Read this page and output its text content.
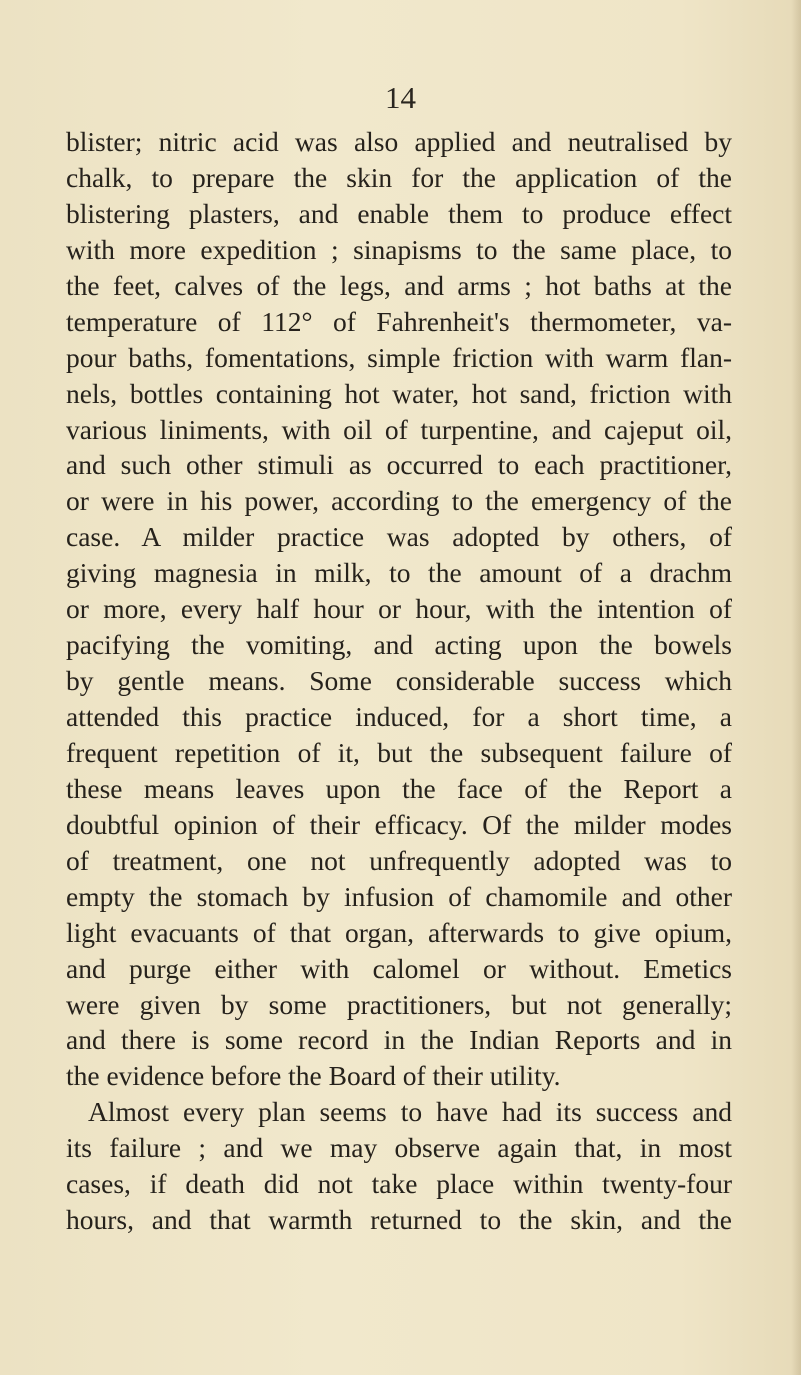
14
blister; nitric acid was also applied and neutralised by
chalk, to prepare the skin for the application of the
blistering plasters, and enable them to produce effect
with more expedition ; sinapisms to the same place, to
the feet, calves of the legs, and arms ; hot baths at the
temperature of 112° of Fahrenheit's thermometer, va-
pour baths, fomentations, simple friction with warm flan-
nels, bottles containing hot water, hot sand, friction with
various liniments, with oil of turpentine, and cajeput oil,
and such other stimuli as occurred to each practitioner,
or were in his power, according to the emergency of the
case. A milder practice was adopted by others, of
giving magnesia in milk, to the amount of a drachm
or more, every half hour or hour, with the intention of
pacifying the vomiting, and acting upon the bowels
by gentle means. Some considerable success which
attended this practice induced, for a short time, a
frequent repetition of it, but the subsequent failure of
these means leaves upon the face of the Report a
doubtful opinion of their efficacy. Of the milder modes
of treatment, one not unfrequently adopted was to
empty the stomach by infusion of chamomile and other
light evacuants of that organ, afterwards to give opium,
and purge either with calomel or without. Emetics
were given by some practitioners, but not generally;
and there is some record in the Indian Reports and in
the evidence before the Board of their utility.
Almost every plan seems to have had its success and
its failure ; and we may observe again that, in most
cases, if death did not take place within twenty-four
hours, and that warmth returned to the skin, and the
